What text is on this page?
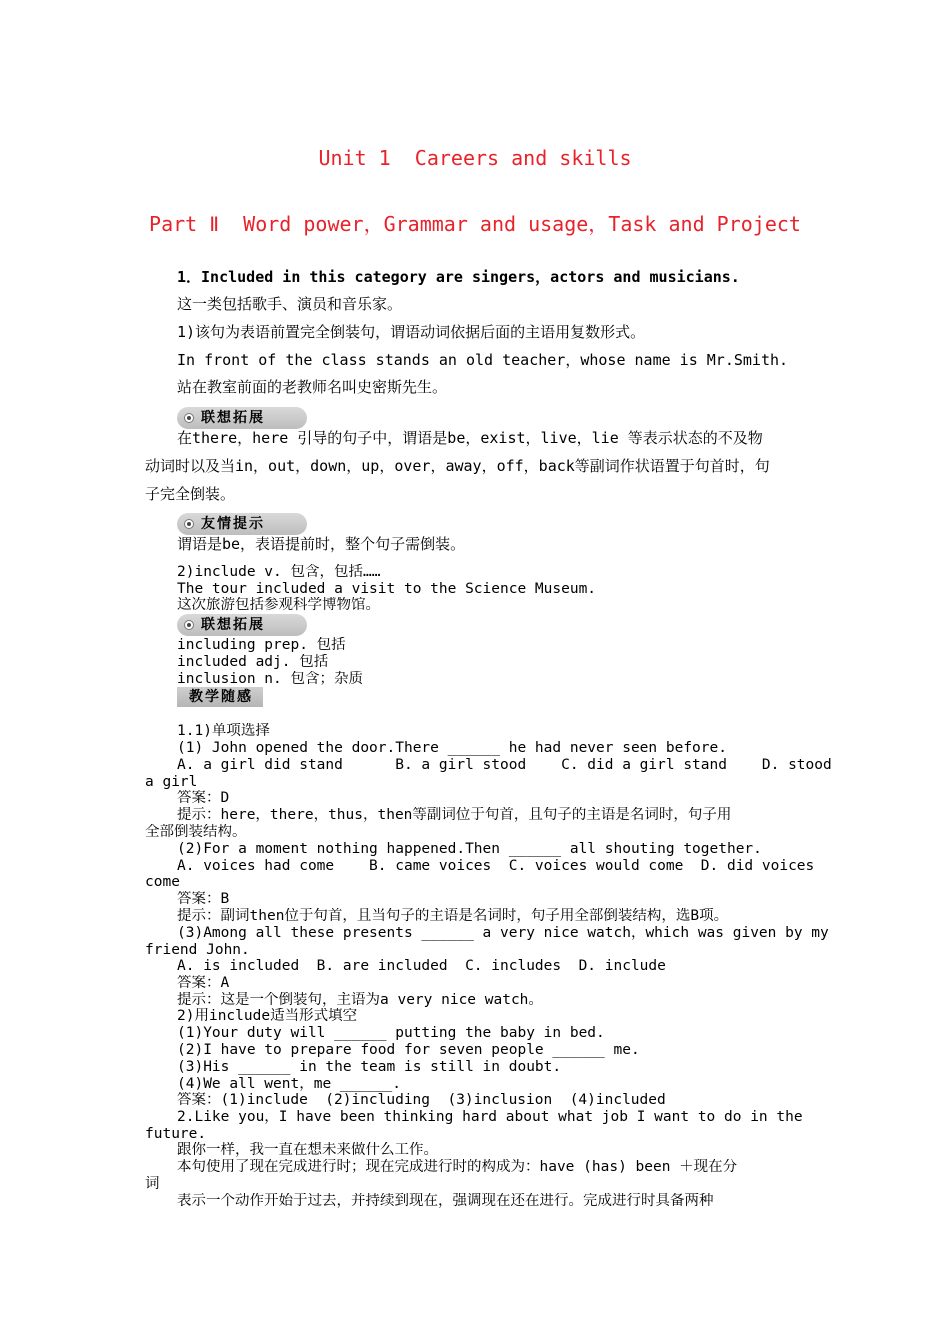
Unit 1  Careers and skills
Part Ⅱ  Word power，Grammar and usage，Task and Project
1．Included in this category are singers，actors and musicians.
这一类包括歌手、演员和音乐家。
1)该句为表语前置完全倒装句，谓语动词依据后面的主语用复数形式。
In front of the class stands an old teacher，whose name is Mr.Smith.
站在教室前面的老教师名叫史密斯先生。
联想拓展
在there，here 引导的句子中，谓语是be，exist，live，lie 等表示状态的不及物
动词时以及当in，out，down，up，over，away，off，back等副词作状语置于句首时，句
子完全倒装。
友情提示
谓语是be，表语提前时，整个句子需倒装。
2)include v. 包含，包括……
The tour included a visit to the Science Museum.
这次旅游包括参观科学博物馆。
联想拓展
including prep. 包括
included adj. 包括
inclusion n. 包含；杂质
教学随感
1.1)单项选择
(1) John opened the door.There ______ he had never seen before.
A. a girl did stand      B. a girl stood    C. did a girl stand    D. stood
a girl
答案：D
提示：here，there，thus，then等副词位于句首，且句子的主语是名词时，句子用
全部倒装结构。
(2)For a moment nothing happened.Then ______ all shouting together.
A. voices had come    B. came voices  C. voices would come  D. did voices
come
答案：B
提示：副词then位于句首，且当句子的主语是名词时，句子用全部倒装结构，选B项。
(3)Among all these presents ______ a very nice watch，which was given by my
friend John.
A. is included  B. are included  C. includes  D. include
答案：A
提示：这是一个倒装句，主语为a very nice watch。
2)用include适当形式填空
(1)Your duty will ______ putting the baby in bed.
(2)I have to prepare food for seven people ______ me.
(3)His ______ in the team is still in doubt.
(4)We all went，me ______.
答案：(1)include  (2)including  (3)inclusion  (4)included
2.Like you，I have been thinking hard about what job I want to do in the
future.
跟你一样，我一直在想未来做什么工作。
本句使用了现在完成进行时；现在完成进行时的构成为：have (has) been ＋现在分
词
表示一个动作开始于过去，并持续到现在，强调现在还在进行。完成进行时具备两种
